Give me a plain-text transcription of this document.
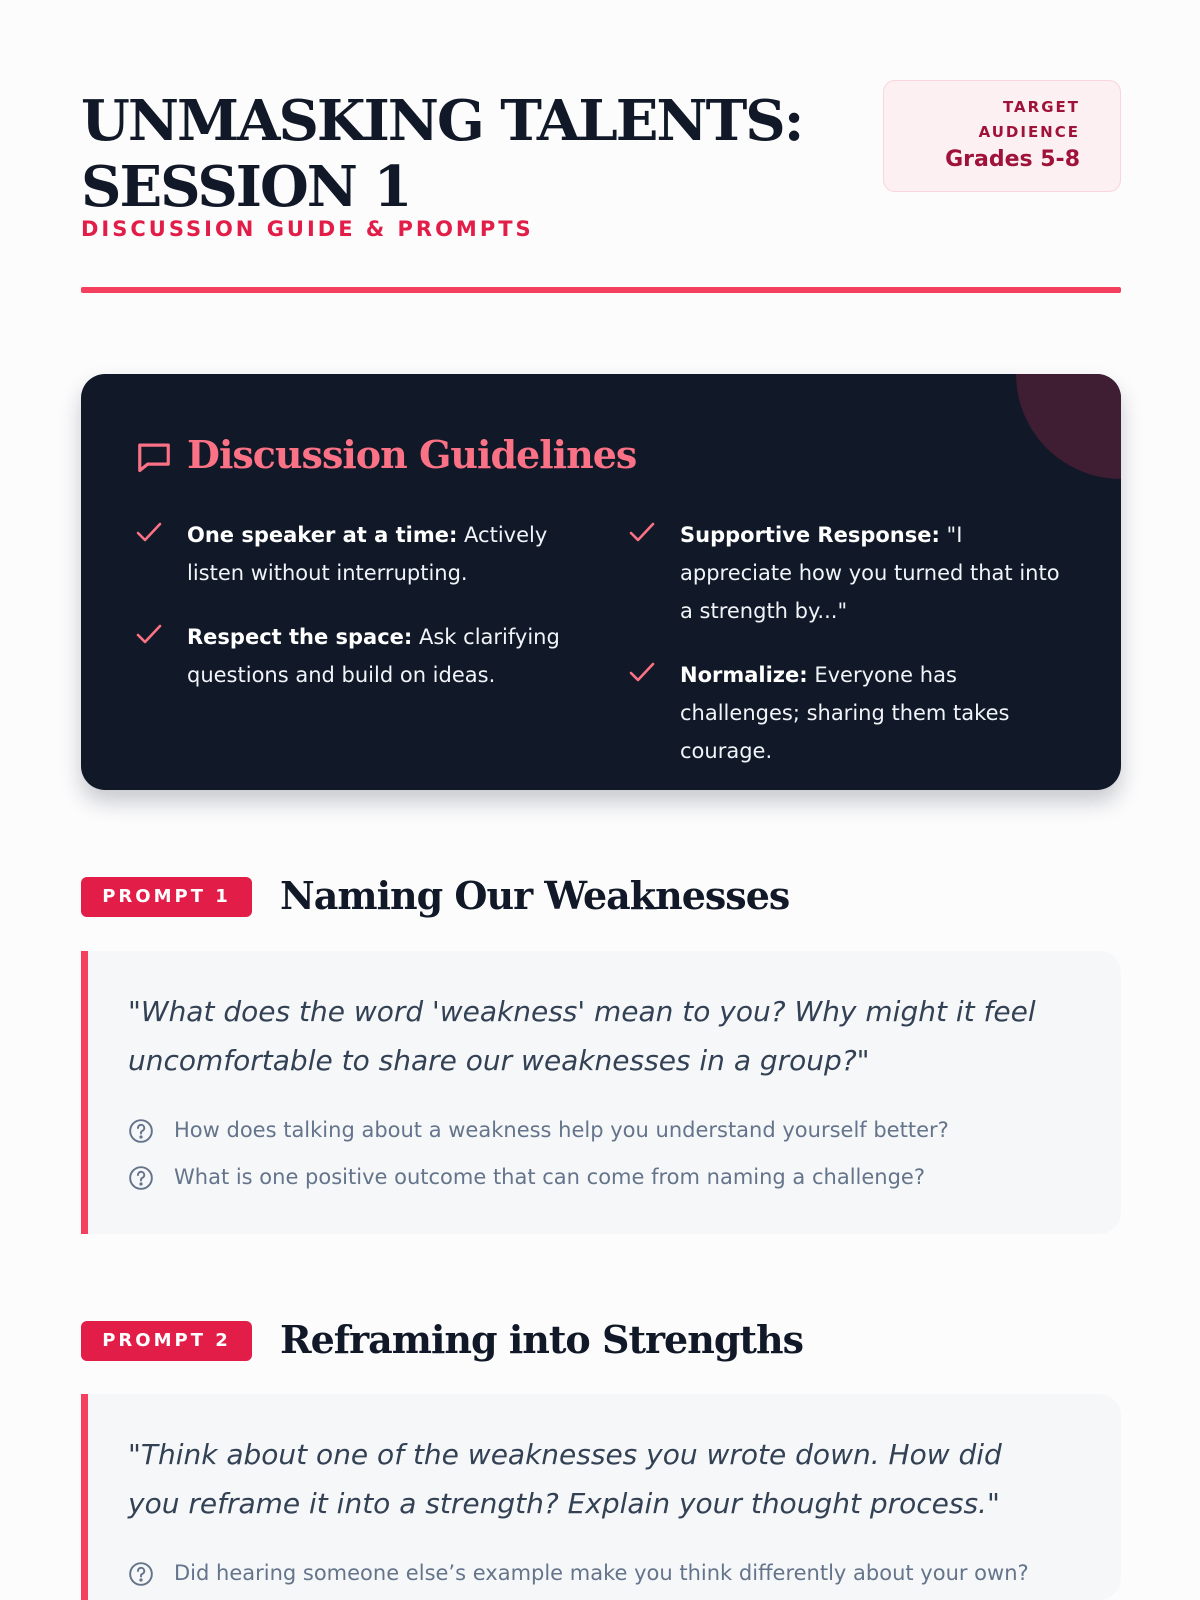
UNMASKING TALENTS:
SESSION 1
DISCUSSION GUIDE & PROMPTS
TARGET
AUDIENCE
Grades 5-8
Discussion Guidelines
One speaker at a time: Actively listen without interrupting.
Respect the space: Ask clarifying questions and build on ideas.
Supportive Response: "I appreciate how you turned that into a strength by..."
Normalize: Everyone has challenges; sharing them takes courage.
PROMPT 1	Naming Our Weaknesses

"What does the word 'weakness' mean to you? Why might it feel uncomfortable to share our weaknesses in a group?"

How does talking about a weakness help you understand yourself better?
What is one positive outcome that can come from naming a challenge?
PROMPT 2	Reframing into Strengths

"Think about one of the weaknesses you wrote down. How did you reframe it into a strength? Explain your thought process."

Did hearing someone else’s example make you think differently about your own?
